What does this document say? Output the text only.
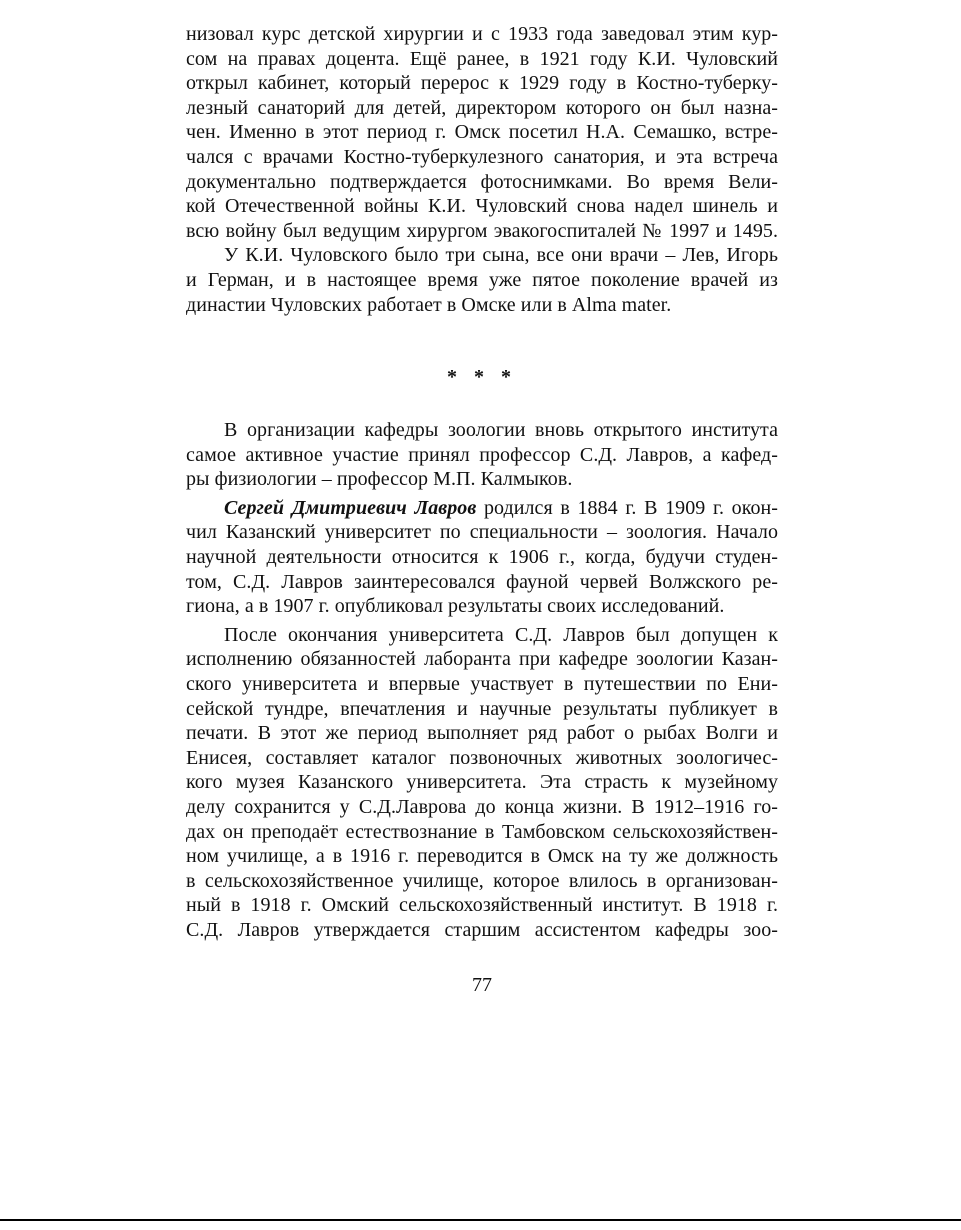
низовал курс детской хирургии и с 1933 года заведовал этим кур-
сом на правах доцента. Ещё ранее, в 1921 году К.И. Чуловский
открыл кабинет, который перерос к 1929 году в Костно-туберку-
лезный санаторий для детей, директором которого он был назна-
чен. Именно в этот период г. Омск посетил Н.А. Семашко, встре-
чался с врачами Костно-туберкулезного санатория, и эта встреча
документально подтверждается фотоснимками. Во время Вели-
кой Отечественной войны К.И. Чуловский снова надел шинель и
всю войну был ведущим хирургом эвакогоспиталей № 1997 и 1495.
У К.И. Чуловского было три сына, все они врачи – Лев, Игорь
и Герман, и в настоящее время уже пятое поколение врачей из
династии Чуловских работает в Омске или в Alma mater.
* * *
В организации кафедры зоологии вновь открытого института
самое активное участие принял профессор С.Д. Лавров, а кафед-
ры физиологии – профессор М.П. Калмыков.
Сергей Дмитриевич Лавров родился в 1884 г. В 1909 г. окон-
чил Казанский университет по специальности – зоология. Начало
научной деятельности относится к 1906 г., когда, будучи студен-
том, С.Д. Лавров заинтересовался фауной червей Волжского ре-
гиона, а в 1907 г. опубликовал результаты своих исследований.
После окончания университета С.Д. Лавров был допущен к
исполнению обязанностей лаборанта при кафедре зоологии Казан-
ского университета и впервые участвует в путешествии по Ени-
сейской тундре, впечатления и научные результаты публикует в
печати. В этот же период выполняет ряд работ о рыбах Волги и
Енисея, составляет каталог позвоночных животных зоологичес-
кого музея Казанского университета. Эта страсть к музейному
делу сохранится у С.Д.Лаврова до конца жизни. В 1912–1916 го-
дах он преподаёт естествознание в Тамбовском сельскохозяйствен-
ном училище, а в 1916 г. переводится в Омск на ту же должность
в сельскохозяйственное училище, которое влилось в организован-
ный в 1918 г. Омский сельскохозяйственный институт. В 1918 г.
С.Д. Лавров утверждается старшим ассистентом кафедры зоо-
77
